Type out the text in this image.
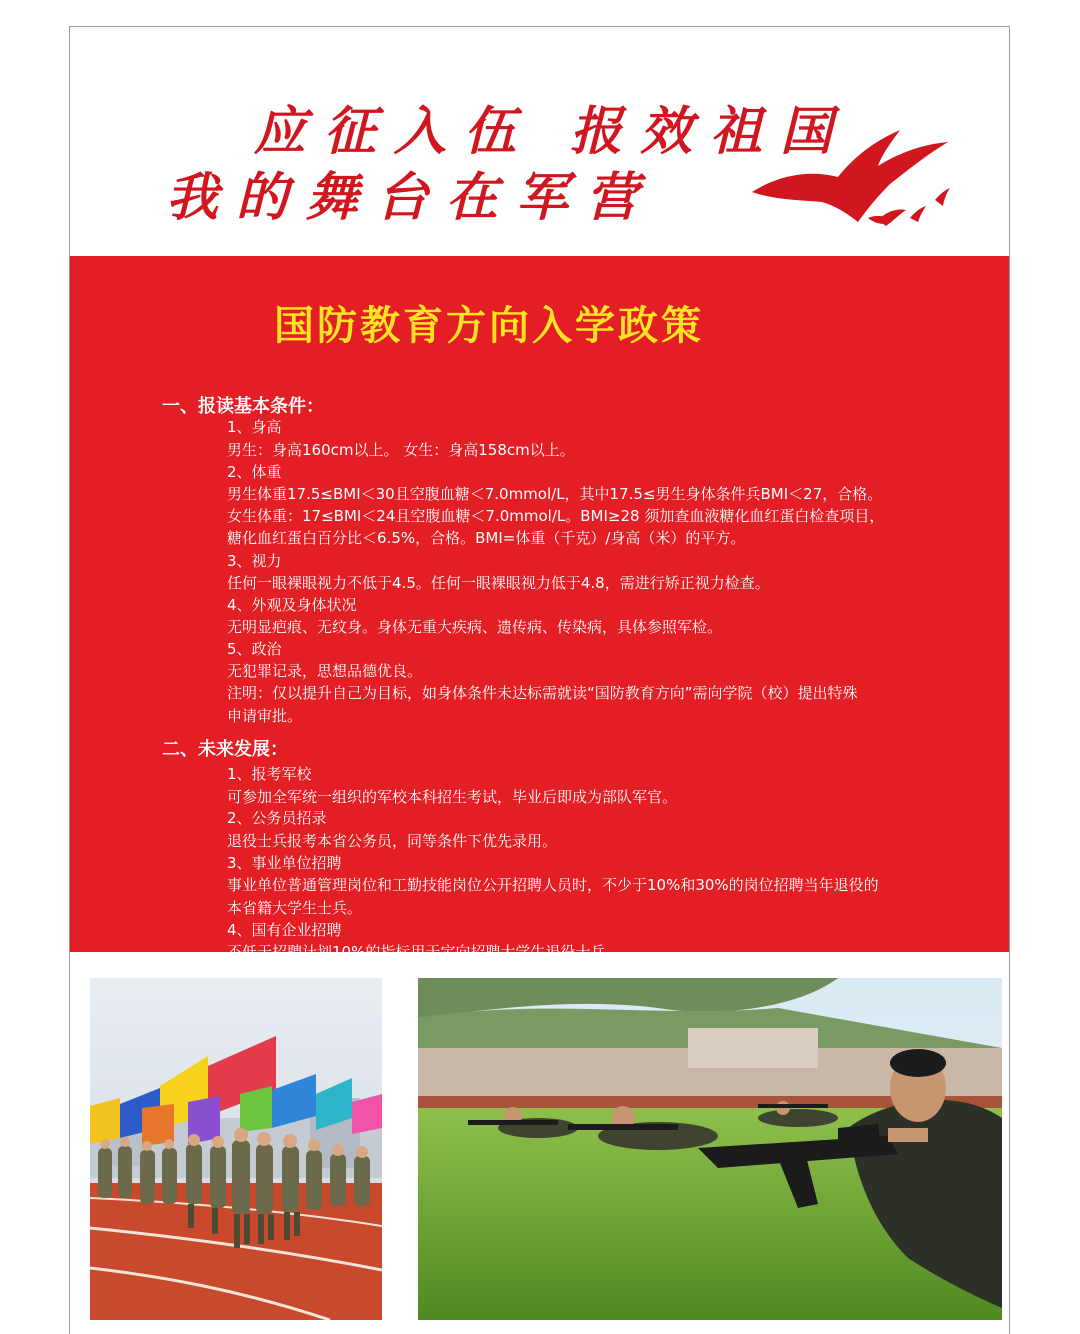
应征入伍 报效祖国
我的舞台在军营
国防教育方向入学政策
一、报读基本条件：
1、身高
男生：身高160cm以上。 女生：身高158cm以上。
2、体重
男生体重17.5≤BMI＜30且空腹血糖＜7.0mmol/L，其中17.5≤男生身体条件兵BMI＜27，合格。
女生体重：17≤BMI＜24且空腹血糖＜7.0mmol/L。BMI≥28 须加查血液糖化血红蛋白检查项目，
糖化血红蛋白百分比＜6.5%，合格。BMI=体重（千克）/身高（米）的平方。
3、视力
任何一眼裸眼视力不低于4.5。任何一眼裸眼视力低于4.8，需进行矫正视力检查。
4、外观及身体状况
无明显疤痕、无纹身。身体无重大疾病、遗传病、传染病，具体参照军检。
5、政治
无犯罪记录，思想品德优良。
注明：仅以提升自己为目标，如身体条件未达标需就读“国防教育方向”需向学院（校）提出特殊
申请审批。
二、未来发展：
1、报考军校
可参加全军统一组织的军校本科招生考试，毕业后即成为部队军官。
2、公务员招录
退役士兵报考本省公务员，同等条件下优先录用。
3、事业单位招聘
事业单位普通管理岗位和工勤技能岗位公开招聘人员时，不少于10%和30%的岗位招聘当年退役的
本省籍大学生士兵。
4、国有企业招聘
不低于招聘计划10%的指标用于定向招聘大学生退役士兵。
